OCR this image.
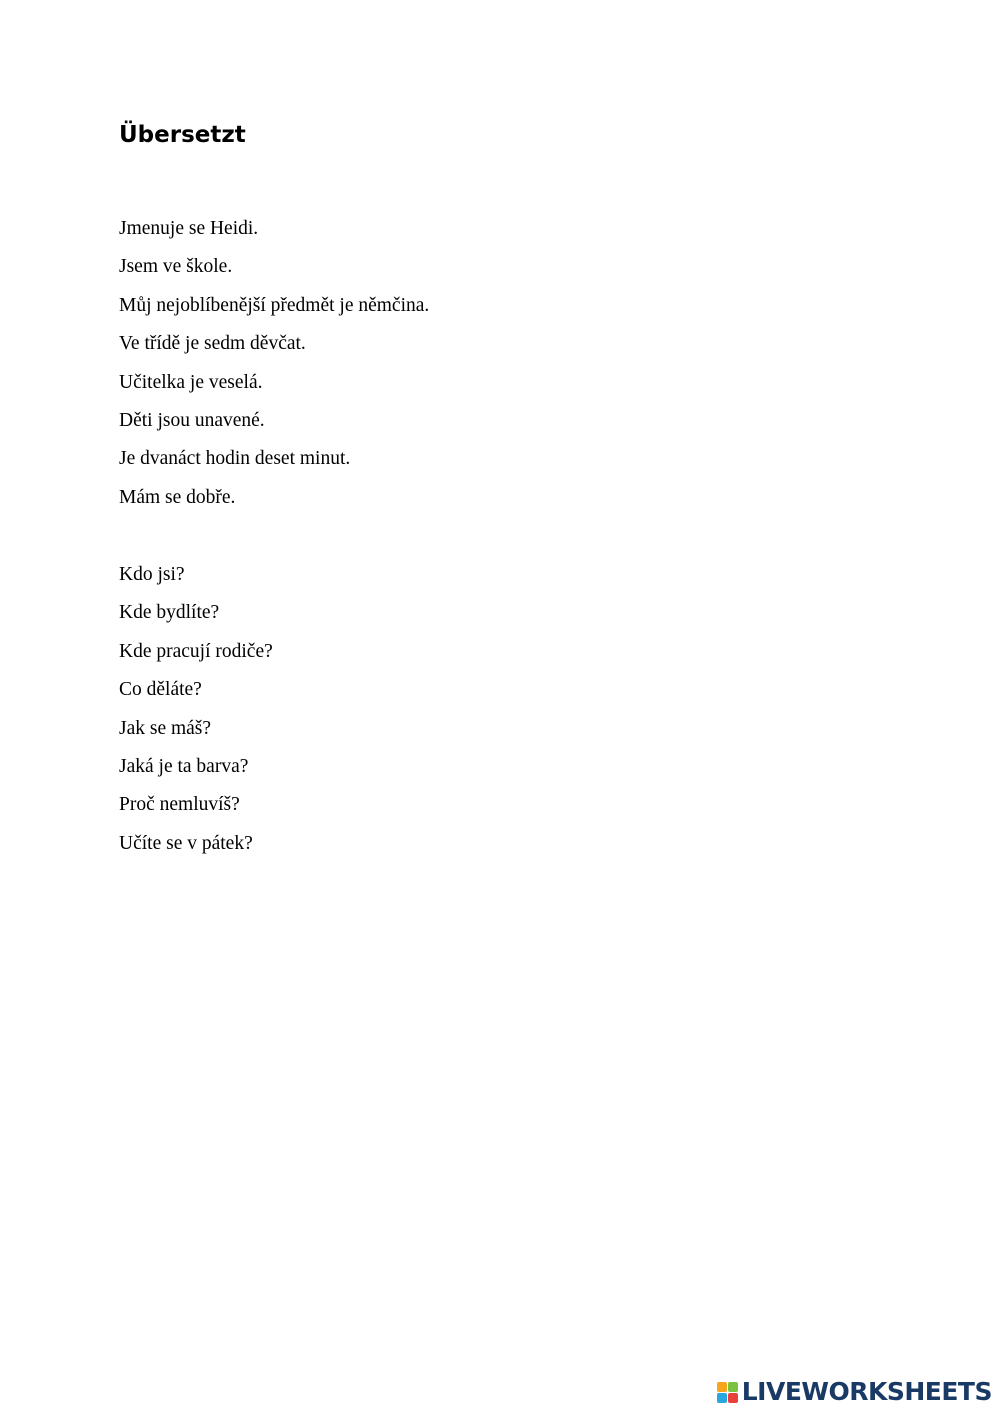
Übersetzt
Jmenuje se Heidi.
Jsem ve škole.
Můj nejoblíbenější předmět je němčina.
Ve třídě je sedm děvčat.
Učitelka je veselá.
Děti jsou unavené.
Je dvanáct hodin deset minut.
Mám se dobře.
Kdo jsi?
Kde bydlíte?
Kde pracují rodiče?
Co děláte?
Jak se máš?
Jaká je ta barva?
Proč nemluvíš?
Učíte se v pátek?
LIVEWORKSHEETS
